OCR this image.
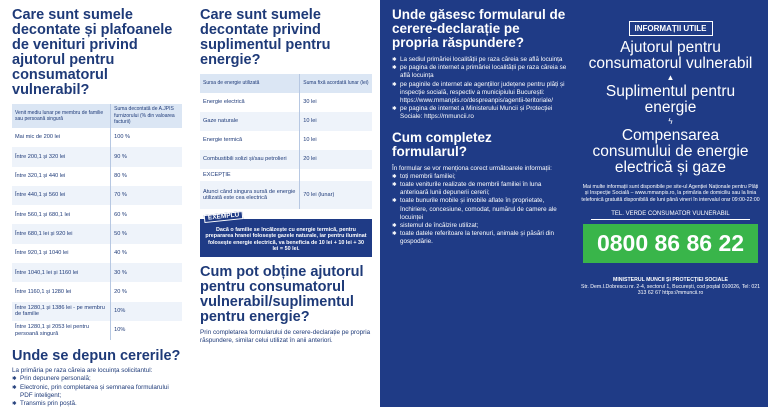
Care sunt sumele decontate și plafoanele de venituri privind ajutorul pentru consumatorul vulnerabil?
Venit mediu lunar pe membru de familie sau persoană singură	Suma decontată de A.JPIS furnizorului (% din valoarea facturii)
Mai mic de 200 lei	100 %
Între 200,1 și 320 lei	90 %
Între 320,1 și 440 lei	80 %
Între 440,1 și 560 lei	70 %
Între 560,1 și 680,1 lei	60 %
Între 680,1 lei și 920 lei	50 %
Între 920,1 și 1040 lei	40 %
Între 1040,1 lei și 1160 lei	30 %
Între 1160,1 și 1280 lei	20 %
Între 1280,1 și 1386 lei - pe membru de familie	10%
Între 1280,1 și 2053 lei pentru persoană singură	10%
Unde se depun cererile?
La primăria pe raza căreia are locuința solicitantul:
✱ Prin depunere personală;
✱ Electronic, prin completarea și semnarea formularului PDF inteligent;
✱ Transmis prin poștă.
Care sunt sumele decontate privind suplimentul pentru energie?
Sursa de energie utilizată	Suma fixă acordată lunar (lei)
Energie electrică	30 lei
Gaze naturale	10 lei
Energie termică	10 lei
Combustibili solizi și/sau petrolieri	20 lei
EXCEPȚIE	
Atunci când singura sursă de energie utilizată este cea electrică	70 lei (lunar)
EXEMPLU
Dacă o familie se încălzește cu energie termică, pentru prepararea hranei folosește gazele naturale, iar pentru iluminat folosește energie electrică, va beneficia de 10 lei + 10 lei + 30 lei = 50 lei.
Cum pot obține ajutorul pentru consumatorul vulnerabil/suplimentul pentru energie?
Prin completarea formularului de cerere-declarație pe propria răspundere, similar celui utilizat în anii anteriori.
Unde găsesc formularul de cerere-declarație pe propria răspundere?
✱ La sediul primăriei localității pe raza căreia se află locuința
✱ pe pagina de internet a primăriei localității pe raza căreia se află locuința
✱ pe paginile de internet ale agențiilor județene pentru plăți și inspecție socială, respectiv a municipiului București: https://www.mmanpis.ro/despreanpis/agentii-teritoriale/
✱ pe pagina de internet a Ministerului Muncii și Protecției Sociale: https://mmuncii.ro
Cum completez formularul?
În formular se vor menționa corect următoarele informații:
✱ toți membrii familiei;
✱ toate veniturile realizate de membrii familiei în luna anterioară lunii depunerii cererii;
✱ toate bunurile mobile și imobile aflate în proprietate, închiriere, concesiune, comodat, numărul de camere ale locuinței
✱ sistemul de încălzire utilizat;
✱ toate datele referitoare la terenuri, animale și păsări din gospodărie.
INFORMAȚII UTILE
Ajutorul pentru consumatorul vulnerabil
▲
Suplimentul pentru energie
ϟ
Compensarea consumului de energie electrică și gaze
Mai multe informații sunt disponibile pe site-ul Agenției Naționale pentru Plăți și Inspecție Socială – www.mmanpis.ro, la primăria de domiciliu sau la linia telefonică gratuită disponibilă de luni până vineri în intervalul orar 09:00-22:00
TEL. VERDE CONSUMATOR VULNERABIL
0800 86 86 22
MINISTERUL MUNCII ȘI PROTECȚIEI SOCIALE
Str. Dem.I.Dobrescu nr. 2-4, sectorul 1, București, cod poștal 010026, Tel: 021 313 62 67 https://mmuncii.ro
